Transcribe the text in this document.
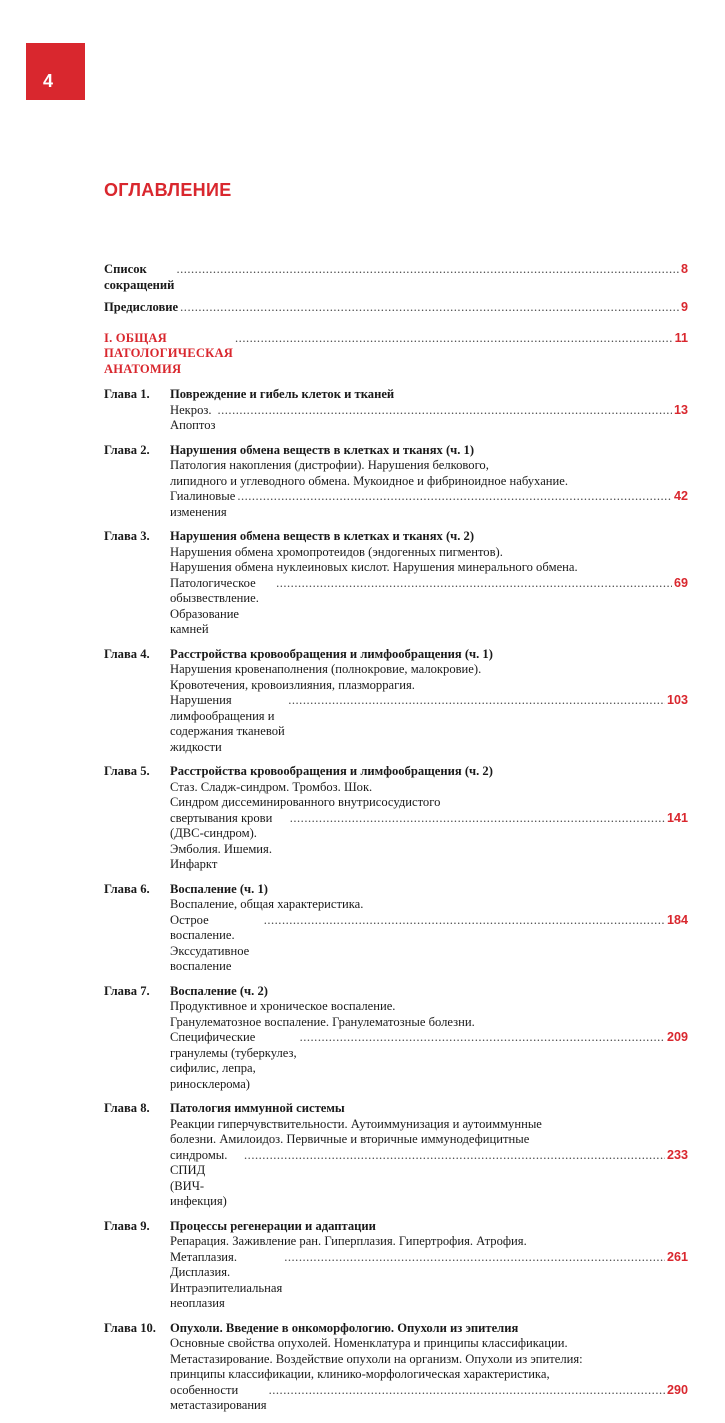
4
ОГЛАВЛЕНИЕ
Список сокращений
.....
8
Предисловие
.....	9
I. ОБЩАЯ ПАТОЛОГИЧЕСКАЯ АНАТОМИЯ
.....
11
Глава 1.	Повреждение и гибель клеток и тканей
Некроз. Апоптоз
.....
13
Глава 2.	Нарушения обмена веществ в клетках и тканях (ч. 1)
Патология накопления (дистрофии). Нарушения белкового,
липидного и углеводного обмена. Мукоидное и фибриноидное набухание.
Гиалиновые изменения
.....
42
Глава 3.	Нарушения обмена веществ в клетках и тканях (ч. 2)
Нарушения обмена хромопротеидов (эндогенных пигментов).
Нарушения обмена нуклеиновых кислот. Нарушения минерального обмена.
Патологическое обызвествление. Образование камней
.....
69
Глава 4.	Расстройства кровообращения и лимфообращения (ч. 1)
Нарушения кровенаполнения (полнокровие, малокровие).
Кровотечения, кровоизлияния, плазморрагия.
Нарушения лимфообращения и содержания тканевой жидкости
.....
103
Глава 5.	Расстройства кровообращения и лимфообращения (ч. 2)
Стаз. Сладж-синдром. Тромбоз. Шок.
Синдром диссеминированного внутрисосудистого
свертывания крови (ДВС-синдром). Эмболия. Ишемия. Инфаркт
.....
141
Глава 6.	Воспаление (ч. 1)
Воспаление, общая характеристика.
Острое воспаление. Экссудативное воспаление
.....
184
Глава 7.	Воспаление (ч. 2)
Продуктивное и хроническое воспаление.
Гранулематозное воспаление. Гранулематозные болезни.
Специфические гранулемы (туберкулез, сифилис, лепра, риносклерома)
.....
209
Глава 8.	Патология иммунной системы
Реакции гиперчувствительности. Аутоиммунизация и аутоиммунные
болезни. Амилоидоз. Первичные и вторичные иммунодефицитные
синдромы. СПИД (ВИЧ-инфекция)
.....
233
Глава 9.	Процессы регенерации и адаптации
Репарация. Заживление ран. Гиперплазия. Гипертрофия. Атрофия.
Метаплазия. Дисплазия. Интраэпителиальная неоплазия
.....
261
Глава 10.	Опухоли. Введение в онкоморфологию. Опухоли из эпителия
Основные свойства опухолей. Номенклатура и принципы классификации.
Метастазирование. Воздействие опухоли на организм. Опухоли из эпителия:
принципы классификации, клинико-морфологическая характеристика,
особенности метастазирования
.....
290
